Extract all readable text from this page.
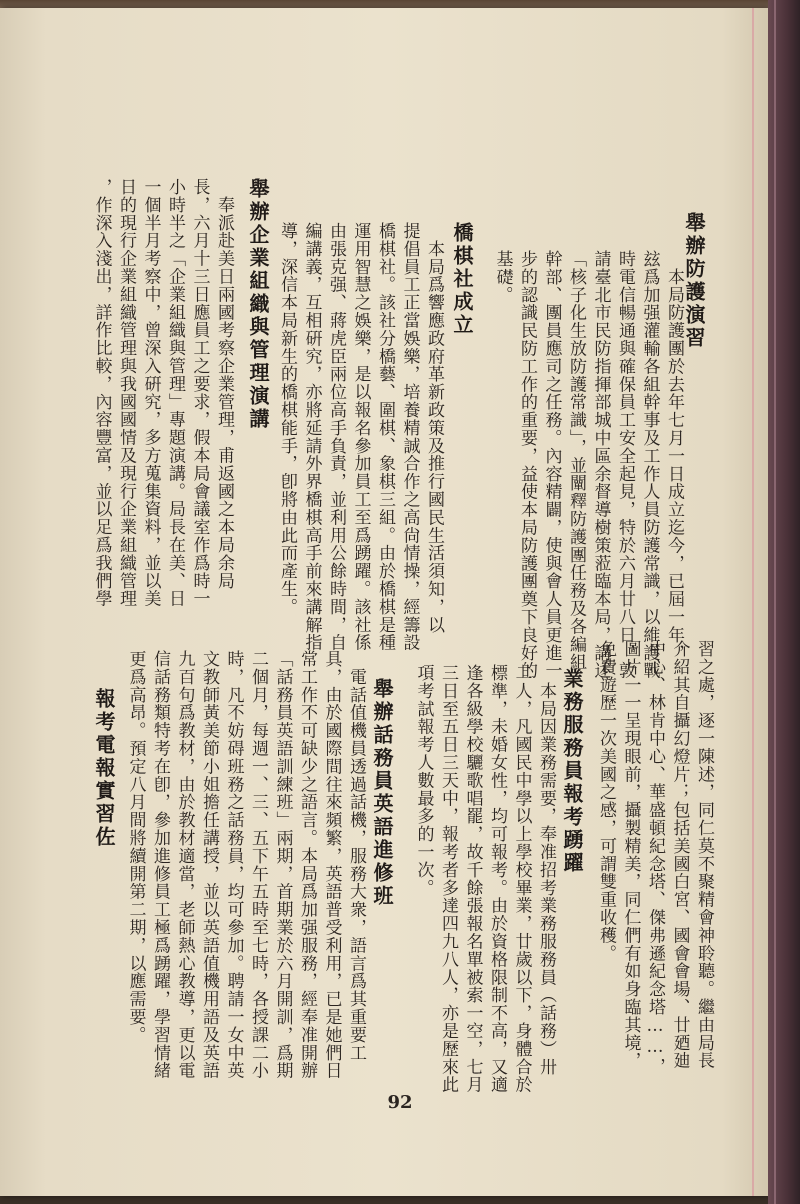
舉辦防護演習
　本局防護團於去年七月一日成立迄今，已屆一年，
玆爲加强灌輸各組幹事及工作人員防護常識，以維護戰
時電信暢通與確保員工安全起見，特於六月廿八日，敦
請臺北市民防指揮部城中區余督導樹策蒞臨本局，講述
「核子化生放防護常識」，並闡釋防護團任務及各編組
幹部、團員應司之任務。內容精闢，使與會人員更進一
步的認識民防工作的重要，益使本局防護團奠下良好的
基礎。
橋棋社成立
　本局爲響應政府革新政策及推行國民生活須知，以
提倡員工正當娛樂，培養精誠合作之高尙情操，經籌設
橋棋社。該社分橋藝、圍棋、象棋三組。由於橋棋是種
運用智慧之娛樂，是以報名參加員工至爲踴躍。該社係
由張克强、蔣虎臣兩位高手負責，並利用公餘時間，自
編講義，互相硏究，亦將延請外界橋棋高手前來講解指
導，深信本局新生的橋棋能手，卽將由此而產生。
舉辦企業組織與管理演講
　奉派赴美日兩國考察企業管理，甫返國之本局余局
長，六月十三日應員工之要求，假本局會議室作爲時一
小時半之「企業組織與管理」專題演講。局長在美、日
一個半月考察中，曾深入硏究，多方蒐集資料，並以美
日的現行企業組織管理與我國國情及現行企業組織管理
，作深入淺出，詳作比較，內容豐富，並以足爲我們學
習之處，逐一陳述，同仁莫不聚精會神聆聽。繼由局長
介紹其自攝幻燈片；包括美國白宮、國會會場、廿廼廸
中心、林肯中心、華盛頓紀念塔、傑弗遜紀念塔……，
圖片一一呈現眼前，攝製精美，同仁們有如身臨其境，
免費遊歷一次美國之感，可謂雙重收穫。
業務服務員報考踴躍
　本局因業務需要，奉准招考業務服務員（話務）卅
二人，凡國民中學以上學校畢業，廿歲以下，身體合於
標準，未婚女性，均可報考。由於資格限制不高，又適
逢各級學校驪歌唱罷，故千餘張報名單被索一空，七月
三日至五日三天中，報考者多達四九八人，亦是歷來此
項考試報考人數最多的一次。
舉辦話務員英語進修班
　電話值機員透過話機，服務大衆，語言爲其重要工
具，由於國際間往來頻繁，英語普受利用，已是她們日
常工作不可缺少之語言。本局爲加强服務，經奉准開辦
「話務員英語訓練班」兩期，首期業於六月開訓，爲期
二個月，每週一、三、五下午五時至七時，各授課二小
時，凡不妨碍班務之話務員，均可參加。聘請一女中英
文教師黃美節小姐擔任講授，並以英語值機用語及英語
九百句爲教材，由於教材適當，老師熱心教導，更以電
信話務類特考在卽，參加進修員工極爲踴躍，學習情緒
更爲高昂。預定八月間將續開第二期，以應需要。
報考電報實習佐
92
